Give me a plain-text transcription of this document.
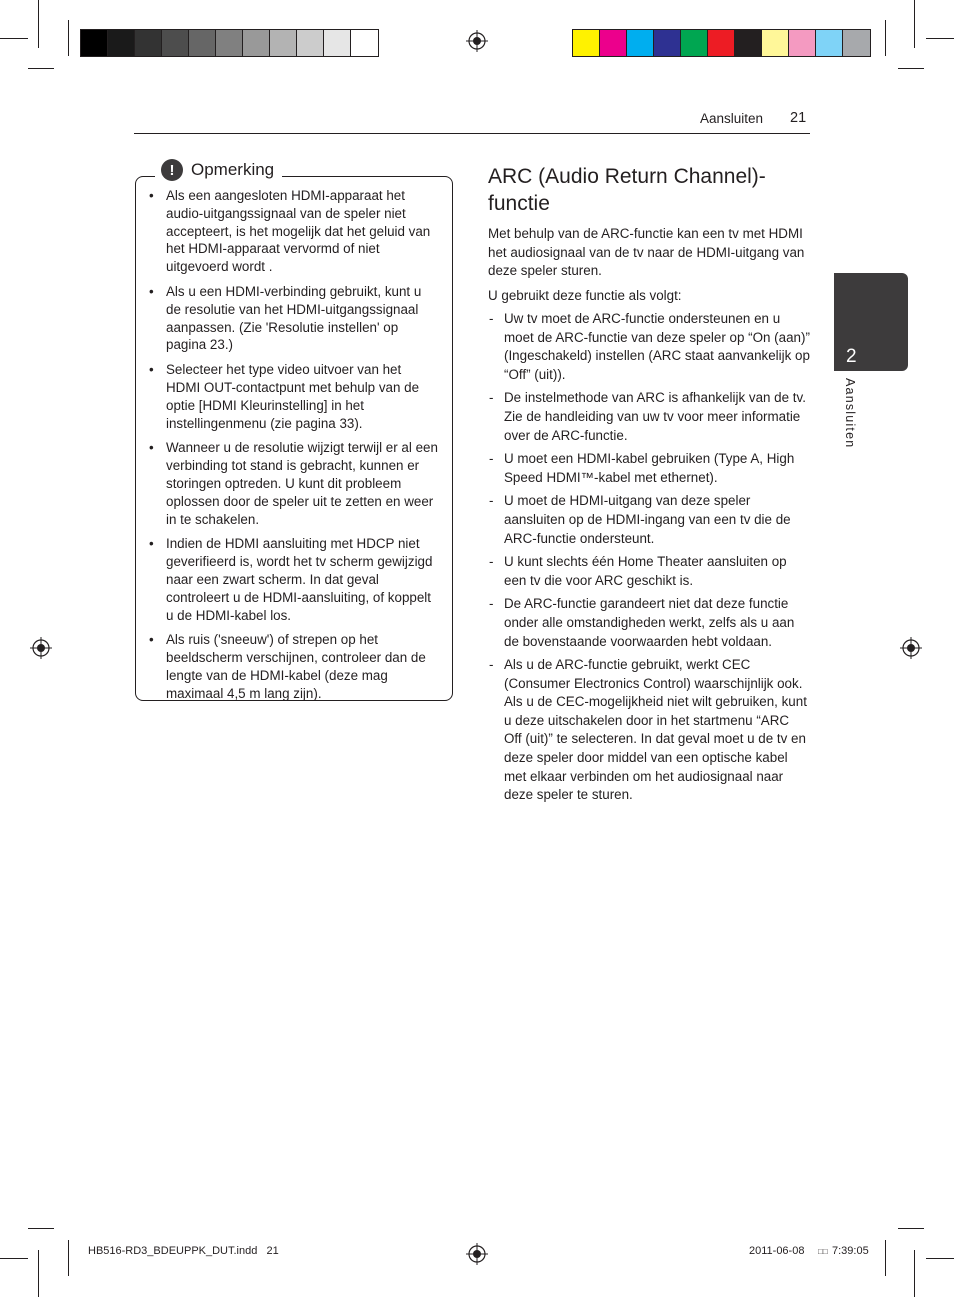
Aansluiten 21
2
Aansluiten
! Opmerking
• Als een aangesloten HDMI-apparaat het audio-uitgangssignaal van de speler niet accepteert, is het mogelijk dat het geluid van het HDMI-apparaat vervormd of niet uitgevoerd wordt .
• Als u een HDMI-verbinding gebruikt, kunt u de resolutie van het HDMI-uitgangssignaal aanpassen. (Zie 'Resolutie instellen' op pagina 23.)
• Selecteer het type video uitvoer van het HDMI OUT-contactpunt met behulp van de optie [HDMI Kleurinstelling] in het instellingenmenu (zie pagina 33).
• Wanneer u de resolutie wijzigt terwijl er al een verbinding tot stand is gebracht, kunnen er storingen optreden. U kunt dit probleem oplossen door de speler uit te zetten en weer in te schakelen.
• Indien de HDMI aansluiting met HDCP niet geverifieerd is, wordt het tv scherm gewijzigd naar een zwart scherm. In dat geval controleert u de HDMI-aansluiting, of koppelt u de HDMI-kabel los.
• Als ruis ('sneeuw') of strepen op het beeldscherm verschijnen, controleer dan de lengte van de HDMI-kabel (deze mag maximaal 4,5 m lang zijn).
ARC (Audio Return Channel)-functie
Met behulp van de ARC-functie kan een tv met HDMI het audiosignaal van de tv naar de HDMI-uitgang van deze speler sturen.
U gebruikt deze functie als volgt:
- Uw tv moet de ARC-functie ondersteunen en u moet de ARC-functie van deze speler op “On (aan)” (Ingeschakeld) instellen (ARC staat aanvankelijk op “Off” (uit)).
- De instelmethode van ARC is afhankelijk van de tv. Zie de handleiding van uw tv voor meer informatie over de ARC-functie.
- U moet een HDMI-kabel gebruiken (Type A, High Speed HDMI™-kabel met ethernet).
- U moet de HDMI-uitgang van deze speler aansluiten op de HDMI-ingang van een tv die de ARC-functie ondersteunt.
- U kunt slechts één Home Theater aansluiten op een tv die voor ARC geschikt is.
- De ARC-functie garandeert niet dat deze functie onder alle omstandigheden werkt, zelfs als u aan de bovenstaande voorwaarden hebt voldaan.
- Als u de ARC-functie gebruikt, werkt CEC (Consumer Electronics Control) waarschijnlijk ook. Als u de CEC-mogelijkheid niet wilt gebruiken, kunt u deze uitschakelen door in het startmenu “ARC Off (uit)” te selecteren. In dat geval moet u de tv en deze speler door middel van een optische kabel met elkaar verbinden om het audiosignaal naar deze speler te sturen.
HB516-RD3_BDEUPPK_DUT.indd   21	2011-06-08 □□ 7:39:05
